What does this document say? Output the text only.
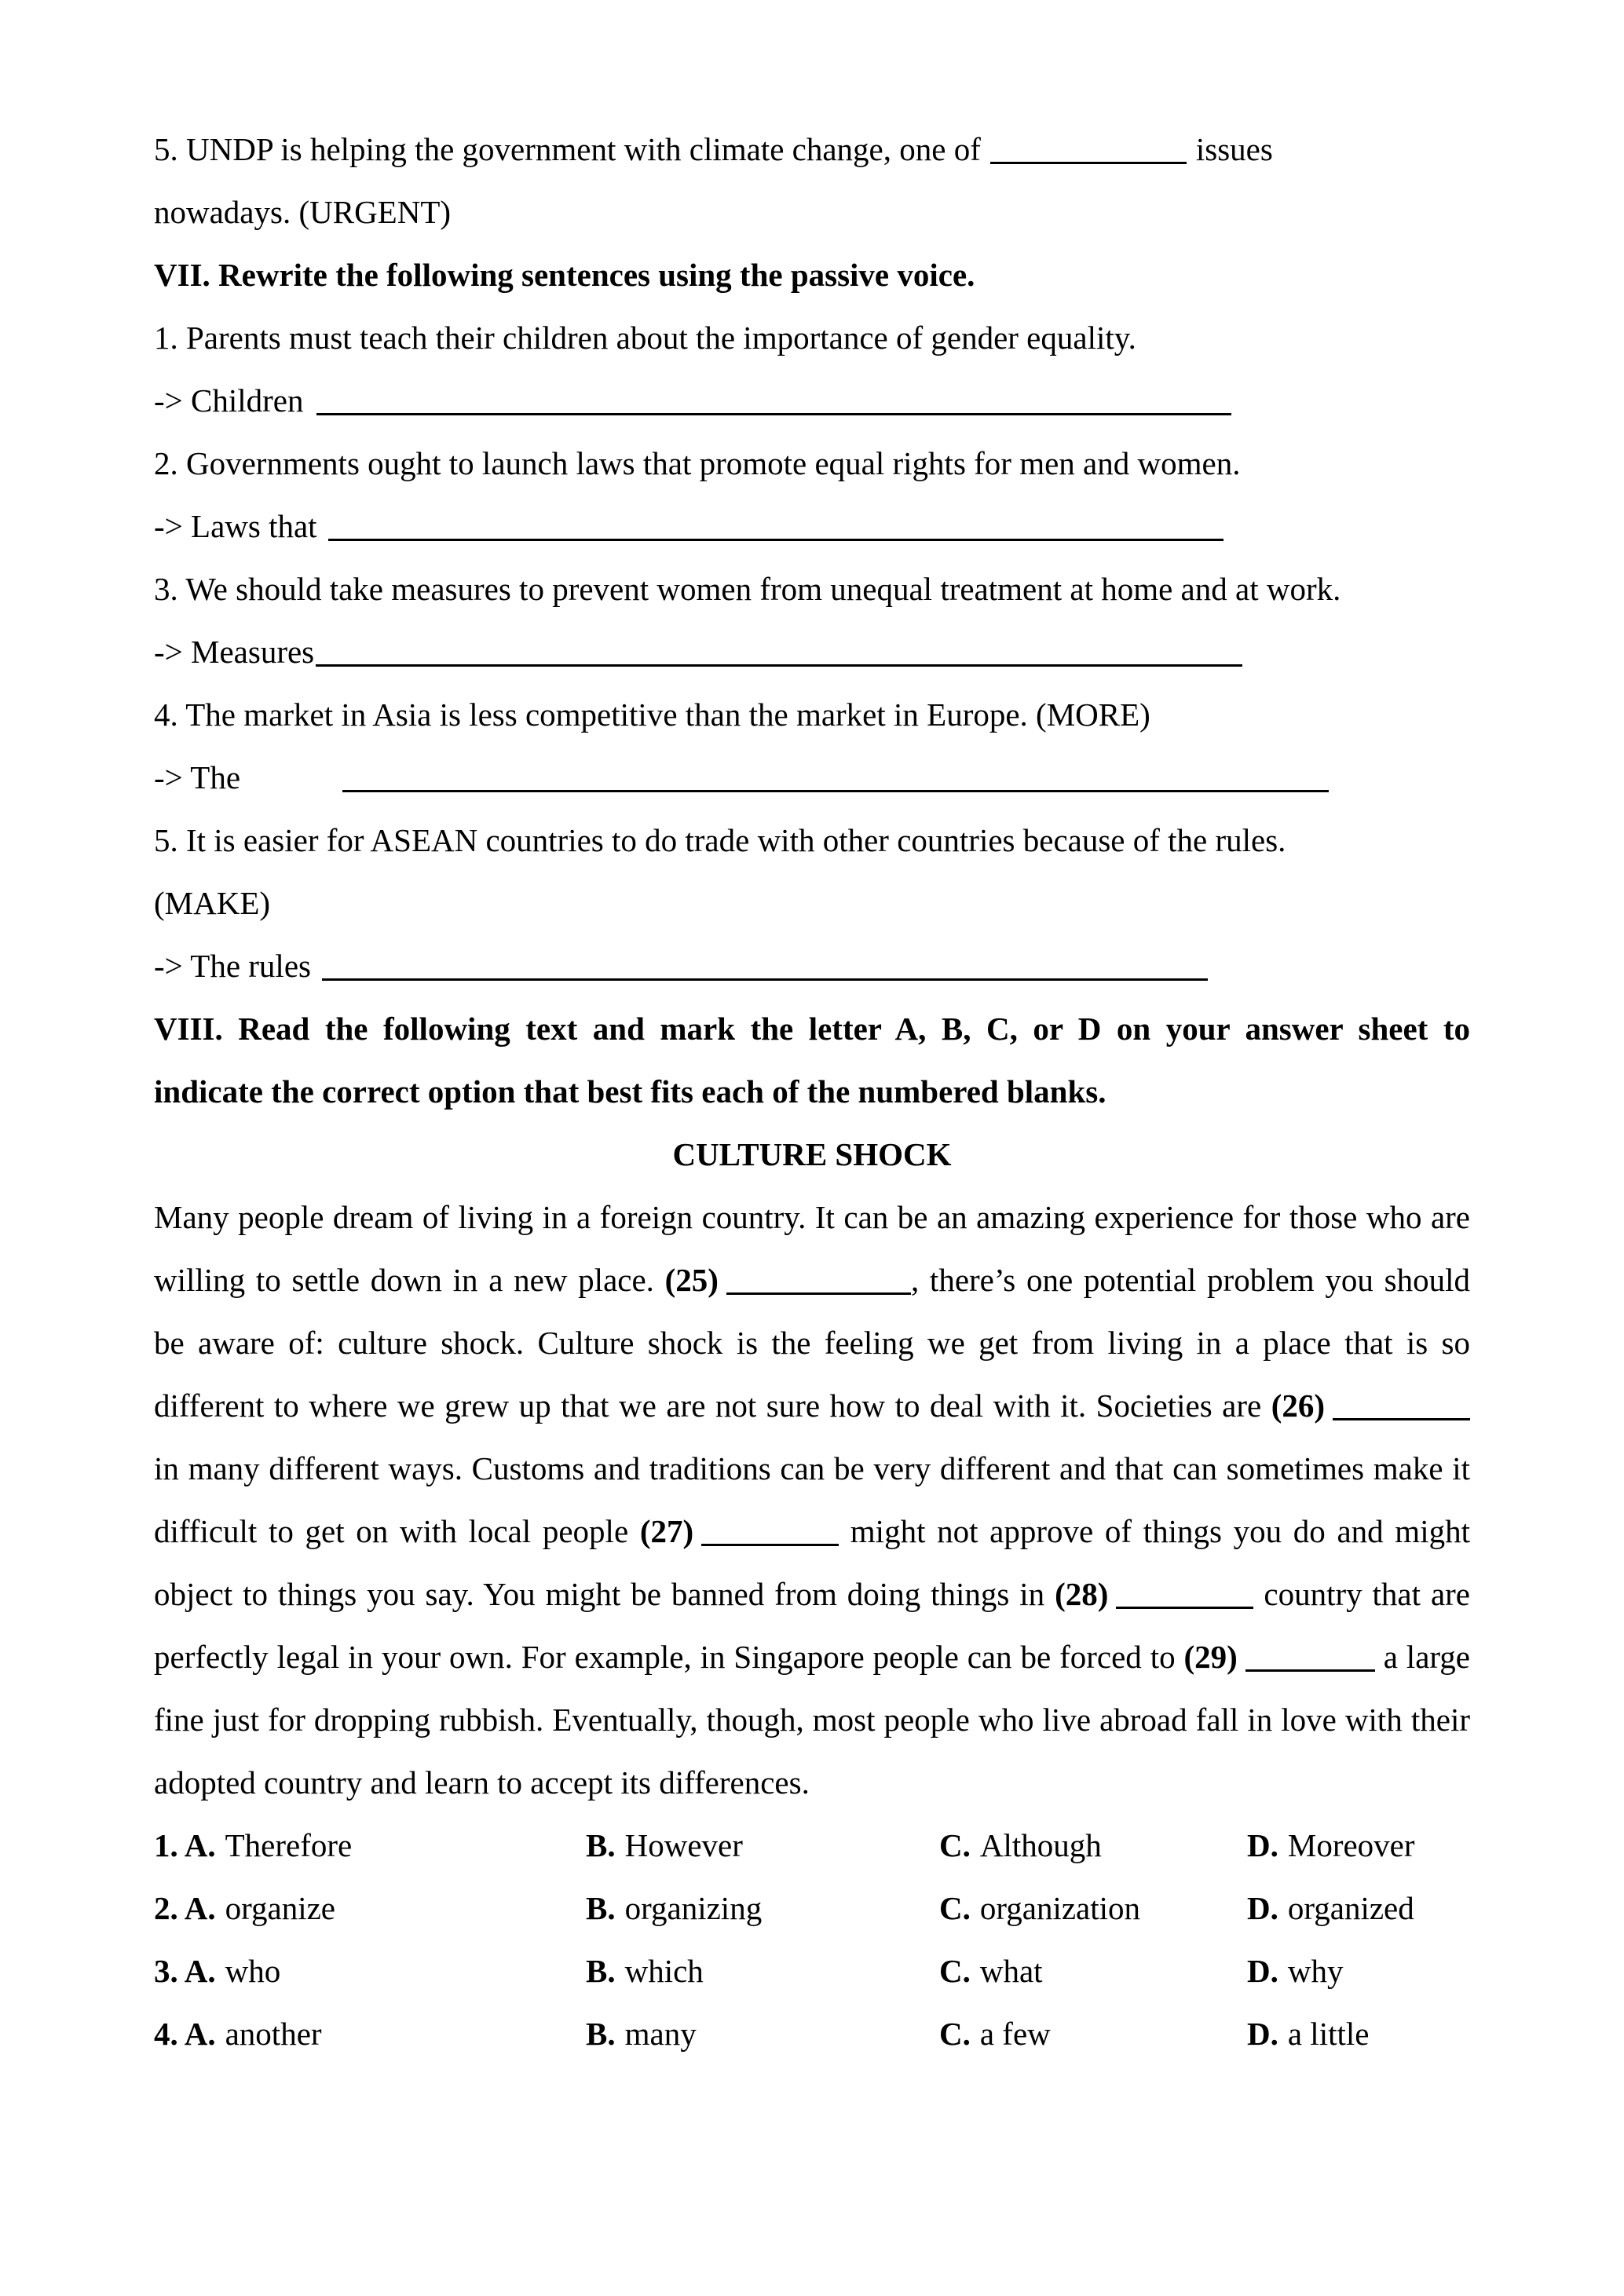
5. UNDP is helping the government with climate change, one of	issues

nowadays. (URGENT)

VII. Rewrite the following sentences using the passive voice.

1. Parents must teach their children about the importance of gender equality.

-> Children

2. Governments ought to launch laws that promote equal rights for men and women.

-> Laws that

3. We should take measures to prevent women from unequal treatment at home and at work.

-> Measures

4. The market in Asia is less competitive than the market in Europe. (MORE)

-> The

5. It is easier for ASEAN countries to do trade with other countries because of the rules.

(MAKE)

-> The rules

VIII. Read the following text and mark the letter A, B, C, or D on your answer sheet to

indicate the correct option that best fits each of the numbered blanks.

CULTURE SHOCK

Many people dream of living in a foreign country. It can be an amazing experience for those who are willing to settle down in a new place. (25)	, there’s one potential problem you should be aware of: culture shock. Culture shock is the feeling we get from living in a place that is so different to where we grew up that we are not sure how to deal with it. Societies are (26) in many different ways. Customs and traditions can be very different and that can sometimes make it difficult to get on with local people (27)	might not approve of things you do and might object to things you say. You might be banned from doing things in (28)	country that are perfectly legal in your own. For example, in Singapore people can be forced to (29)	a large fine just for dropping rubbish. Eventually, though, most people who live abroad fall in love with their adopted country and learn to accept its differences.

1. A. Therefore	B. However	C. Although	D. Moreover
2. A. organize	B. organizing	C. organization	D. organized
3. A. who	B. which	C. what	D. why
4. A. another	B. many	C. a few	D. a little
